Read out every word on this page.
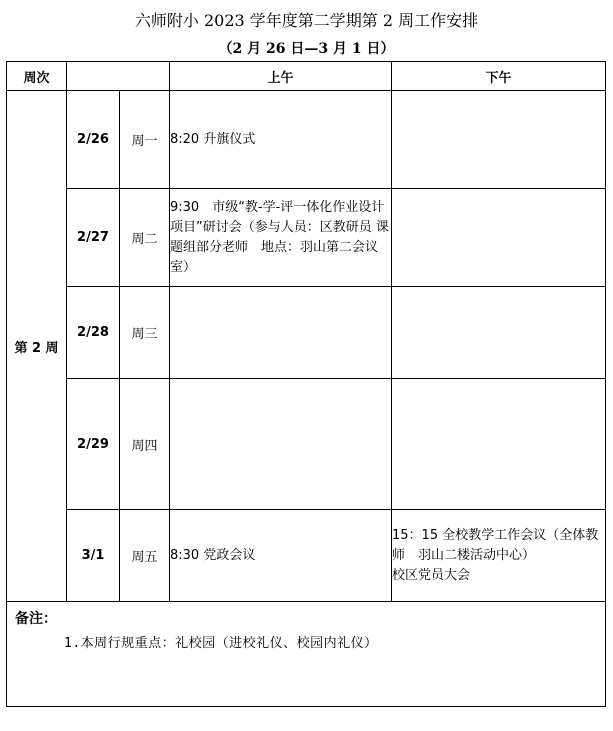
六师附小 2023 学年度第二学期第 2 周工作安排
（2 月 26 日—3 月 1 日）
周次			上午	下午
第 2 周	2/26	周一	8:20 升旗仪式	
	2/27	周二	9:30　市级“教-学-评一体化作业设计项目”研讨会（参与人员：区教研员 课题组部分老师　地点：羽山第二会议室）	
	2/28	周三		
	2/29	周四		
	3/1	周五	8:30 党政会议	15：15 全校教学工作会议（全体教师　羽山二楼活动中心）
校区党员大会
备注：
1.本周行规重点：礼校园（进校礼仪、校园内礼仪）
